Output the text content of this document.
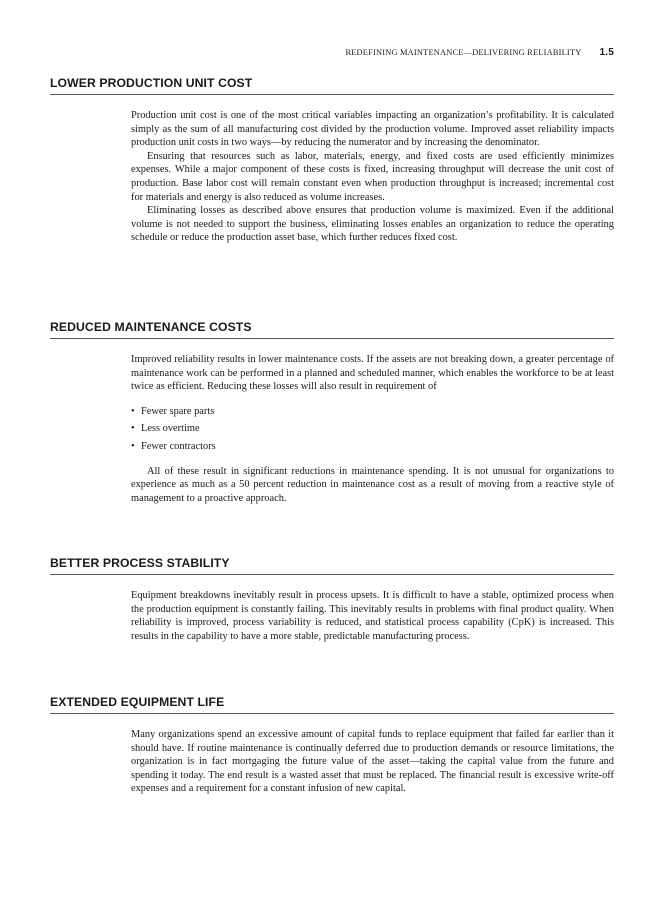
REDEFINING MAINTENANCE—DELIVERING RELIABILITY 1.5
LOWER PRODUCTION UNIT COST

Production unit cost is one of the most critical variables impacting an organization’s profitability. It is calculated simply as the sum of all manufacturing cost divided by the production volume. Improved asset reliability impacts production unit costs in two ways—by reducing the numerator and by increasing the denominator.

Ensuring that resources such as labor, materials, energy, and fixed costs are used efficiently minimizes expenses. While a major component of these costs is fixed, increasing throughput will decrease the unit cost of production. Base labor cost will remain constant even when production throughput is increased; incremental cost for materials and energy is also reduced as volume increases.

Eliminating losses as described above ensures that production volume is maximized. Even if the additional volume is not needed to support the business, eliminating losses enables an organization to reduce the operating schedule or reduce the production asset base, which further reduces fixed cost.

REDUCED MAINTENANCE COSTS

Improved reliability results in lower maintenance costs. If the assets are not breaking down, a greater percentage of maintenance work can be performed in a planned and scheduled manner, which enables the workforce to be at least twice as efficient. Reducing these losses will also result in requirement of

• Fewer spare parts
• Less overtime
• Fewer contractors

All of these result in significant reductions in maintenance spending. It is not unusual for organizations to experience as much as a 50 percent reduction in maintenance cost as a result of moving from a reactive style of management to a proactive approach.

BETTER PROCESS STABILITY

Equipment breakdowns inevitably result in process upsets. It is difficult to have a stable, optimized process when the production equipment is constantly failing. This inevitably results in problems with final product quality. When reliability is improved, process variability is reduced, and statistical process capability (CpK) is increased. This results in the capability to have a more stable, predictable manufacturing process.

EXTENDED EQUIPMENT LIFE

Many organizations spend an excessive amount of capital funds to replace equipment that failed far earlier than it should have. If routine maintenance is continually deferred due to production demands or resource limitations, the organization is in fact mortgaging the future value of the asset—taking the capital value from the future and spending it today. The end result is a wasted asset that must be replaced. The financial result is excessive write-off expenses and a requirement for a constant infusion of new capital.
